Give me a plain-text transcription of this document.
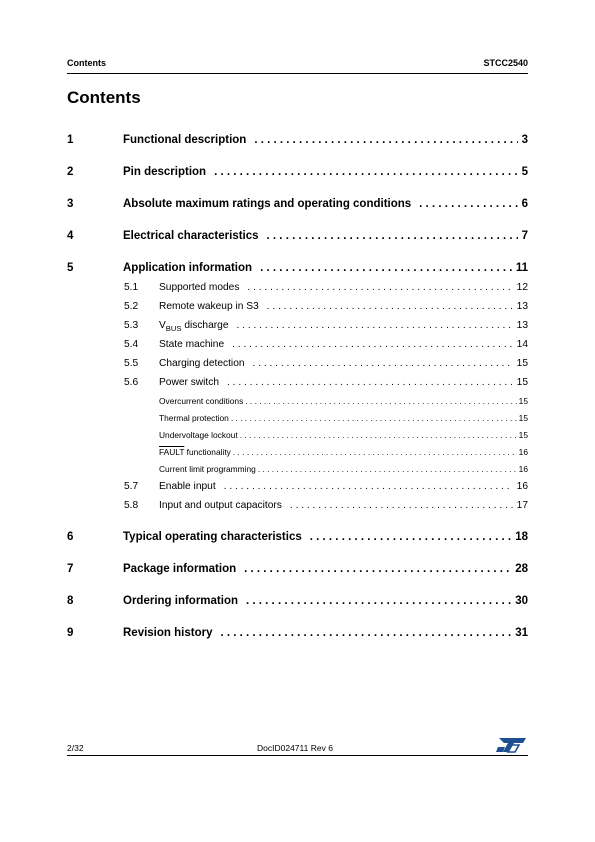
Contents	STCC2540
Contents
1	Functional description . . .	3
2	Pin description . . .	5
3	Absolute maximum ratings and operating conditions . . .	6
4	Electrical characteristics . . .	7
5	Application information . . .	11
5.1	Supported modes . . .	12
5.2	Remote wakeup in S3 . . .	13
5.3	$V_{BUS}$ discharge . . .	13
5.4	State machine . . .	14
5.5	Charging detection . . .	15
5.6	Power switch . . .	15
Overcurrent conditions . . .	15
Thermal protection . . .	15
Undervoltage lockout . . .	15
FAULT functionality . . .	16
Current limit programming . . .	16
5.7	Enable input . . .	16
5.8	Input and output capacitors . . .	17
6	Typical operating characteristics . . .	18
7	Package information . . .	28
8	Ordering information . . .	30
9	Revision history . . .	31
2/32	DocID024711 Rev 6
